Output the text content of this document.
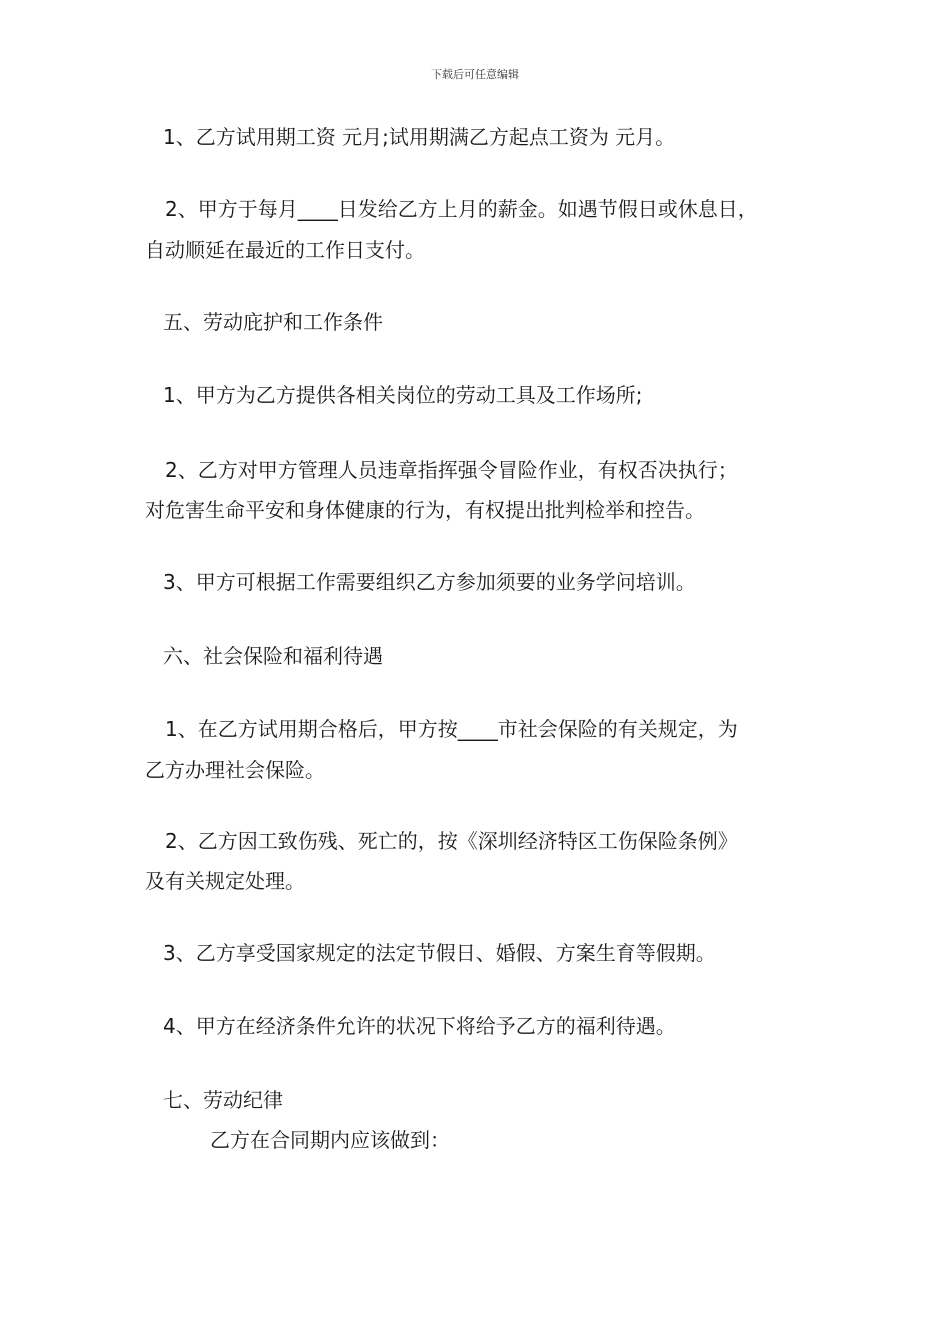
下载后可任意编辑
1、乙方试用期工资 元月;试用期满乙方起点工资为 元月。
2、甲方于每月____日发给乙方上月的薪金。如遇节假日或休息日，
自动顺延在最近的工作日支付。
五、劳动庇护和工作条件
1、甲方为乙方提供各相关岗位的劳动工具及工作场所;
2、乙方对甲方管理人员违章指挥强令冒险作业，有权否决执行；
对危害生命平安和身体健康的行为，有权提出批判检举和控告。
3、甲方可根据工作需要组织乙方参加须要的业务学问培训。
六、社会保险和福利待遇
1、在乙方试用期合格后，甲方按____市社会保险的有关规定，为
乙方办理社会保险。
2、乙方因工致伤残、死亡的，按《深圳经济特区工伤保险条例》
及有关规定处理。
3、乙方享受国家规定的法定节假日、婚假、方案生育等假期。
4、甲方在经济条件允许的状况下将给予乙方的福利待遇。
七、劳动纪律
乙方在合同期内应该做到：
